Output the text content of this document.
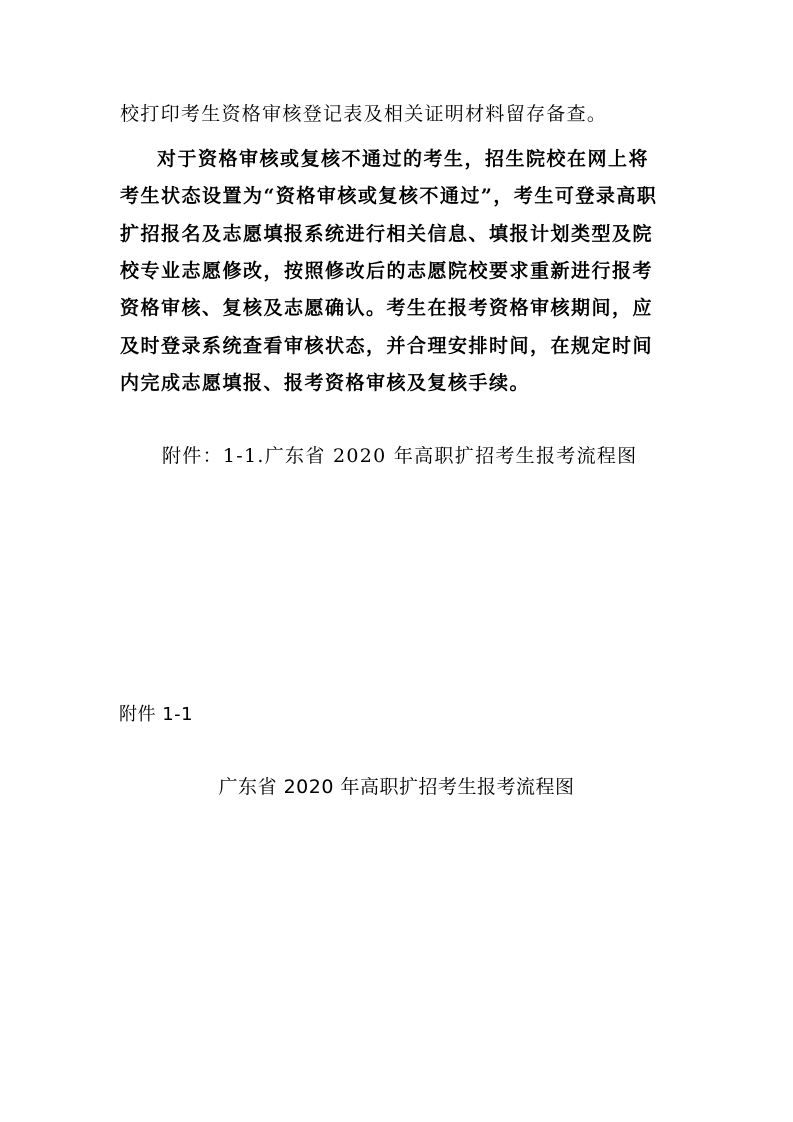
校打印考生资格审核登记表及相关证明材料留存备查。
对于资格审核或复核不通过的考生，招生院校在网上将
考生状态设置为“资格审核或复核不通过”，考生可登录高职
扩招报名及志愿填报系统进行相关信息、填报计划类型及院
校专业志愿修改，按照修改后的志愿院校要求重新进行报考
资格审核、复核及志愿确认。考生在报考资格审核期间，应
及时登录系统查看审核状态，并合理安排时间，在规定时间
内完成志愿填报、报考资格审核及复核手续。
附件：1-1.广东省 2020 年高职扩招考生报考流程图
附件 1-1
广东省 2020 年高职扩招考生报考流程图
